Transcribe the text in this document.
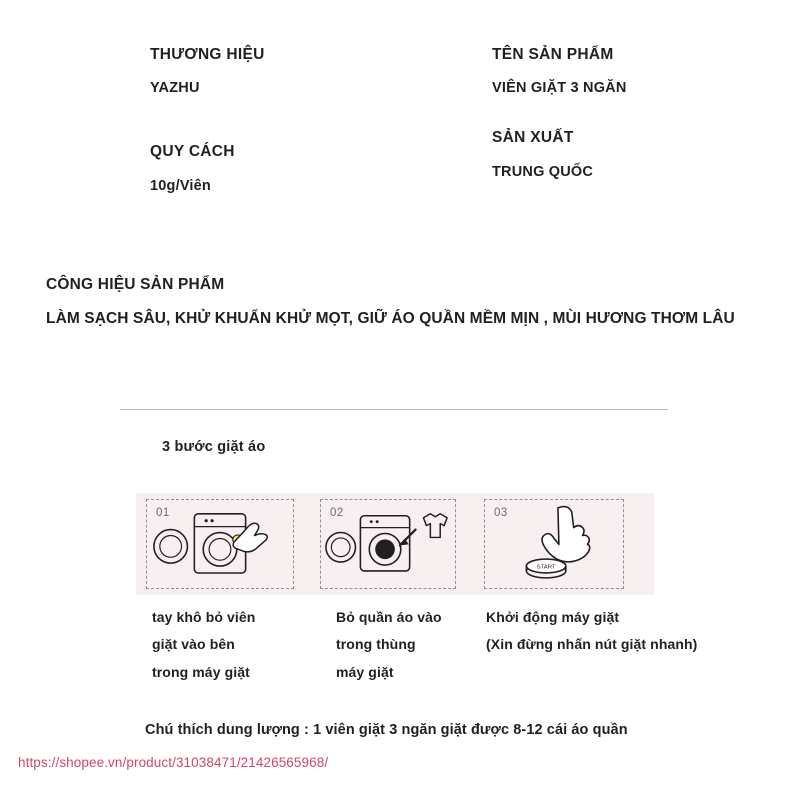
THƯƠNG HIỆU

YAZHU

QUY CÁCH

10g/Viên

TÊN SẢN PHẨM

VIÊN GIẶT 3 NGĂN

SẢN XUẤT

TRUNG QUỐC

CÔNG HIỆU SẢN PHẨM

LÀM SẠCH SÂU, KHỬ KHUẨN KHỬ MỌT, GIỮ ÁO QUẦN MỀM MỊN , MÙI HƯƠNG THƠM LÂU

3 bước giặt áo
01	02	03
START
tay khô bỏ viên
giặt vào bên
trong máy giặt
Bỏ quần áo vào
trong thùng
máy giặt
Khởi động máy giặt
(Xin đừng nhấn nút giặt nhanh)
Chú thích dung lượng : 1 viên giặt 3 ngăn giặt được 8-12 cái áo quần
https://shopee.vn/product/31038471/21426565968/
